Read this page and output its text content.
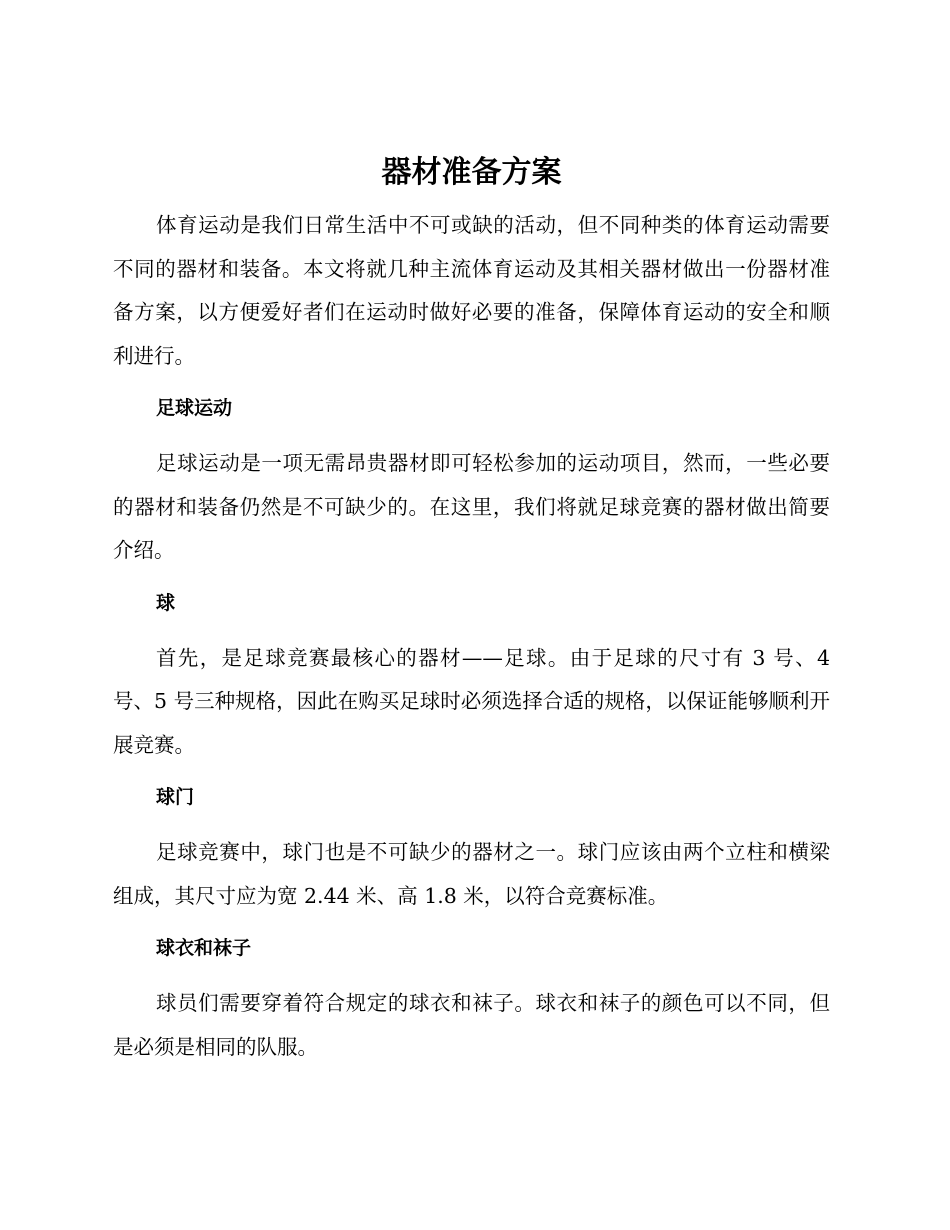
器材准备方案

体育运动是我们日常生活中不可或缺的活动，但不同种类的体育运动需要不同的器材和装备。本文将就几种主流体育运动及其相关器材做出一份器材准备方案，以方便爱好者们在运动时做好必要的准备，保障体育运动的安全和顺利进行。

足球运动

足球运动是一项无需昂贵器材即可轻松参加的运动项目，然而，一些必要的器材和装备仍然是不可缺少的。在这里，我们将就足球竞赛的器材做出简要介绍。

球

首先，是足球竞赛最核心的器材——足球。由于足球的尺寸有 3 号、4 号、5 号三种规格，因此在购买足球时必须选择合适的规格，以保证能够顺利开展竞赛。

球门

足球竞赛中，球门也是不可缺少的器材之一。球门应该由两个立柱和横梁组成，其尺寸应为宽 2.44 米、高 1.8 米，以符合竞赛标准。

球衣和袜子

球员们需要穿着符合规定的球衣和袜子。球衣和袜子的颜色可以不同，但是必须是相同的队服。
